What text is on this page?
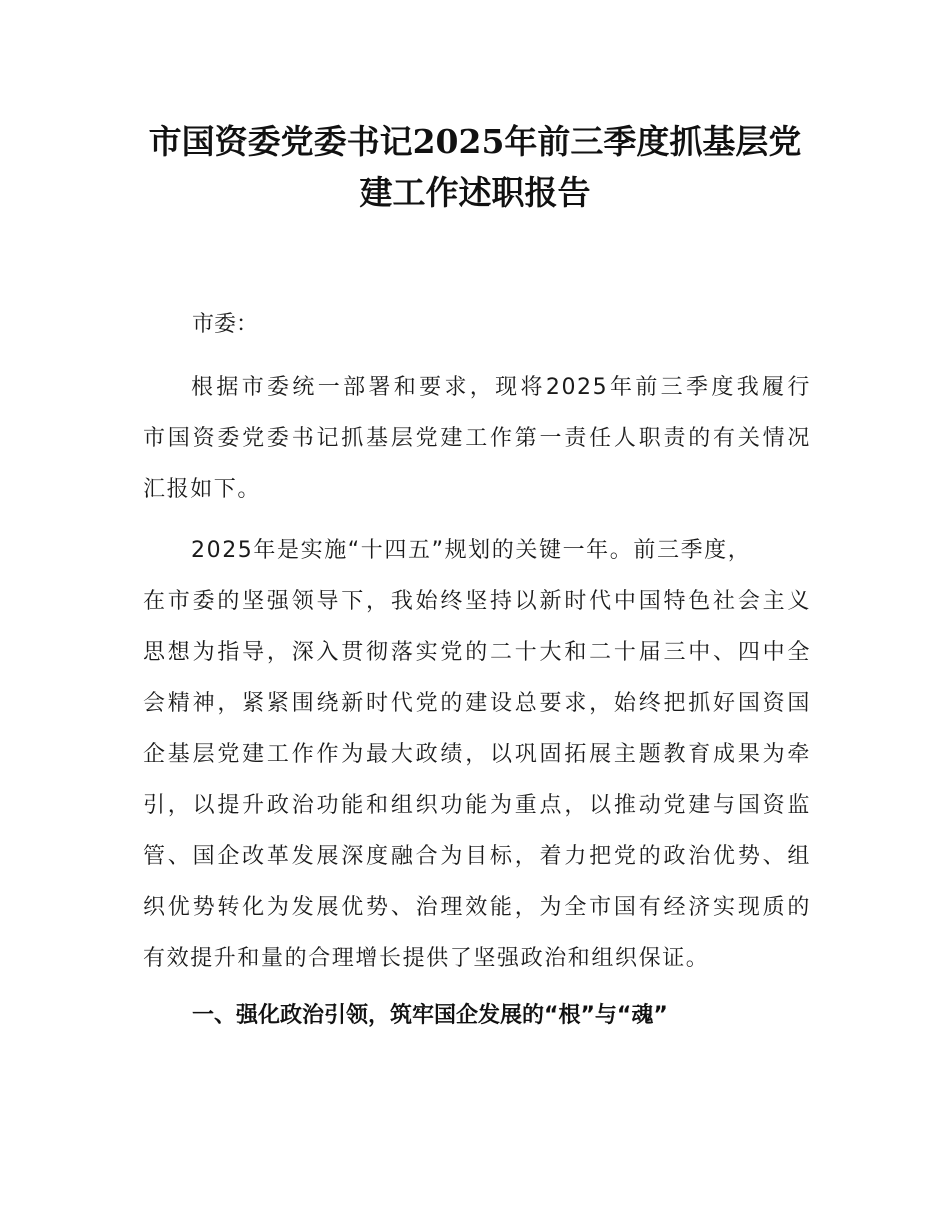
市国资委党委书记2025年前三季度抓基层党
建工作述职报告

市委：

根据市委统一部署和要求，现将2025年前三季度我履行
市国资委党委书记抓基层党建工作第一责任人职责的有关情况
汇报如下。
2025年是实施“十四五”规划的关键一年。前三季度，
在市委的坚强领导下，我始终坚持以新时代中国特色社会主义
思想为指导，深入贯彻落实党的二十大和二十届三中、四中全
会精神，紧紧围绕新时代党的建设总要求，始终把抓好国资国
企基层党建工作作为最大政绩，以巩固拓展主题教育成果为牵
引，以提升政治功能和组织功能为重点，以推动党建与国资监
管、国企改革发展深度融合为目标，着力把党的政治优势、组
织优势转化为发展优势、治理效能，为全市国有经济实现质的
有效提升和量的合理增长提供了坚强政治和组织保证。
一、强化政治引领，筑牢国企发展的“根”与“魂”
